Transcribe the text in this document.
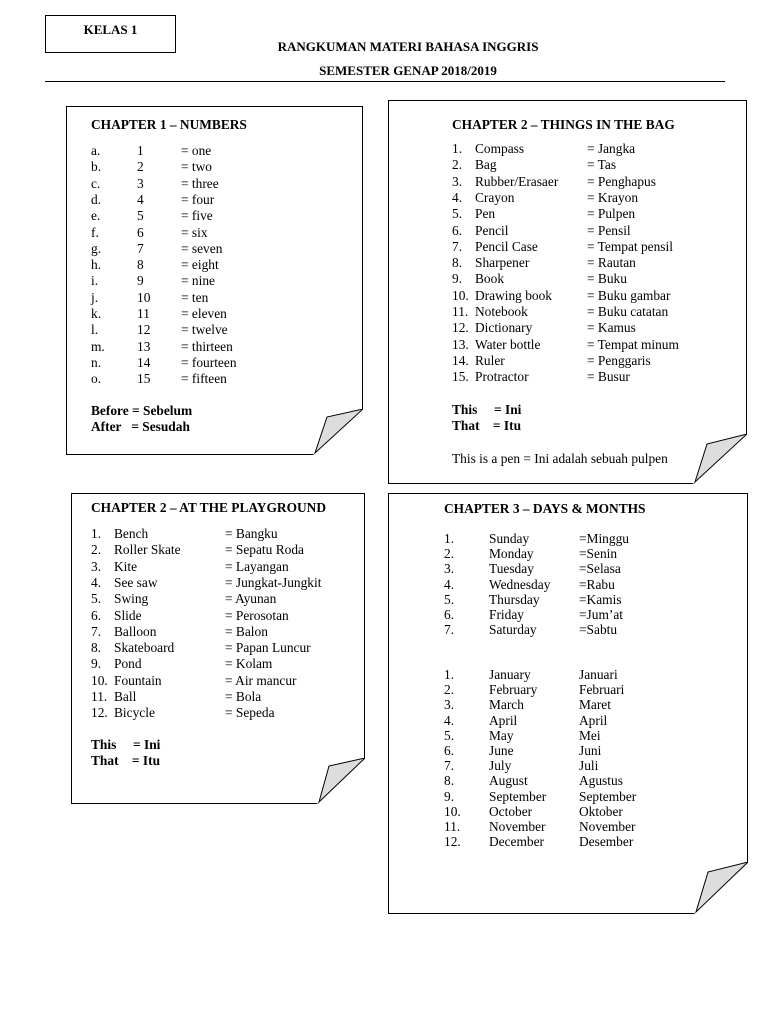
KELAS 1
RANGKUMAN MATERI BAHASA INGGRIS
SEMESTER GENAP 2018/2019
CHAPTER 1 – NUMBERS
a.	1	= one
b.	2	= two
c.	3	= three
d.	4	= four
e.	5	= five
f.	6	= six
g.	7	= seven
h.	8	= eight
i.	9	= nine
j.	10 = ten
k.	11 = eleven
l.	12 = twelve
m. 13 = thirteen
n.	14 = fourteen
o.	15 = fifteen
Before = Sebelum
After   = Sesudah
CHAPTER 2 – THINGS IN THE BAG
1. Compass	= Jangka
2. Bag	= Tas
3. Rubber/Erasaer = Penghapus
4. Crayon	= Krayon
5. Pen	= Pulpen
6. Pencil	= Pensil
7. Pencil Case	= Tempat pensil
8. Sharpener	= Rautan
9. Book	= Buku
10. Drawing book	= Buku gambar
11. Notebook	= Buku catatan
12. Dictionary	= Kamus
13. Water bottle	= Tempat minum
14. Ruler	= Penggaris
15. Protractor	= Busur
This     = Ini
That    = Itu
This is a pen = Ini adalah sebuah pulpen
CHAPTER 2 – AT THE PLAYGROUND
1. Bench	= Bangku
2. Roller Skate	= Sepatu Roda
3. Kite	= Layangan
4. See saw	= Jungkat-Jungkit
5. Swing	= Ayunan
6. Slide	= Perosotan
7. Balloon	= Balon
8. Skateboard	= Papan Luncur
9. Pond	= Kolam
10. Fountain	= Air mancur
11. Ball	= Bola
12. Bicycle	= Sepeda
This     = Ini
That    = Itu
CHAPTER 3 – DAYS & MONTHS
1.	Sunday	=Minggu
2.	Monday	=Senin
3.	Tuesday	=Selasa
4.	Wednesday =Rabu
5.	Thursday	=Kamis
6.	Friday	=Jum’at
7.	Saturday	=Sabtu
1.	January	Januari
2.	February	Februari
3.	March	Maret
4.	April	April
5.	May	Mei
6.	June	Juni
7.	July	Juli
8.	August	Agustus
9.	September September
10. October	Oktober
11. November November
12. December	Desember
